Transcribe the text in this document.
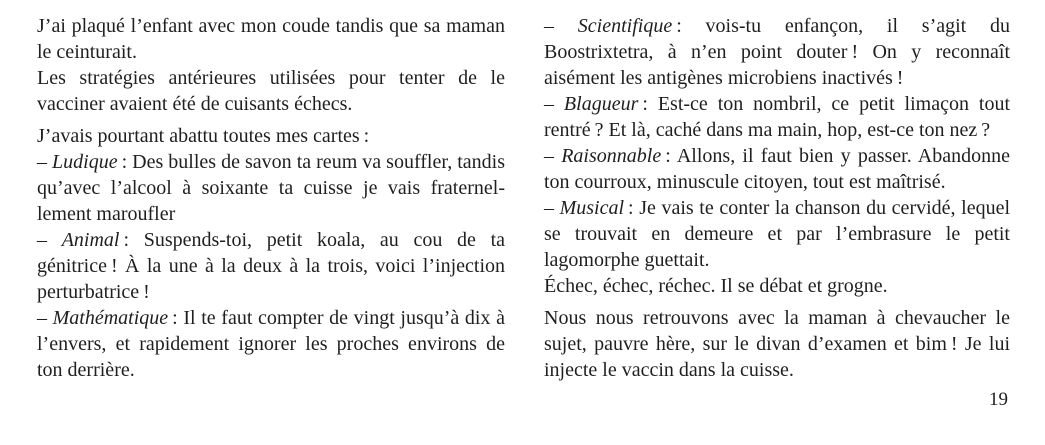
J’ai plaqué l’enfant avec mon coude tandis que sa maman le ceinturait.

Les stratégies antérieures utilisées pour tenter de le vacciner avaient été de cuisants échecs.

J’avais pourtant abattu toutes mes cartes :

– Ludique : Des bulles de savon ta reum va souffler, tandis qu’avec l’alcool à soixante ta cuisse je vais fraternellement maroufler

– Animal : Suspends-toi, petit koala, au cou de ta génitrice ! À la une à la deux à la trois, voici l’injection perturbatrice !

– Mathématique : Il te faut compter de vingt jusqu’à dix à l’envers, et rapidement ignorer les proches environs de ton derrière.

– Scientifique : vois-tu enfançon, il s’agit du Boostrixtetra, à n’en point douter ! On y reconnaît aisément les antigènes microbiens inactivés !

– Blagueur : Est-ce ton nombril, ce petit limaçon tout rentré ? Et là, caché dans ma main, hop, est-ce ton nez ?

– Raisonnable : Allons, il faut bien y passer. Abandonne ton courroux, minuscule citoyen, tout est maîtrisé.

– Musical : Je vais te conter la chanson du cervidé, lequel se trouvait en demeure et par l’embrasure le petit lagomorphe guettait.

Échec, échec, réchec. Il se débat et grogne.

Nous nous retrouvons avec la maman à chevaucher le sujet, pauvre hère, sur le divan d’examen et bim ! Je lui injecte le vaccin dans la cuisse.

19
